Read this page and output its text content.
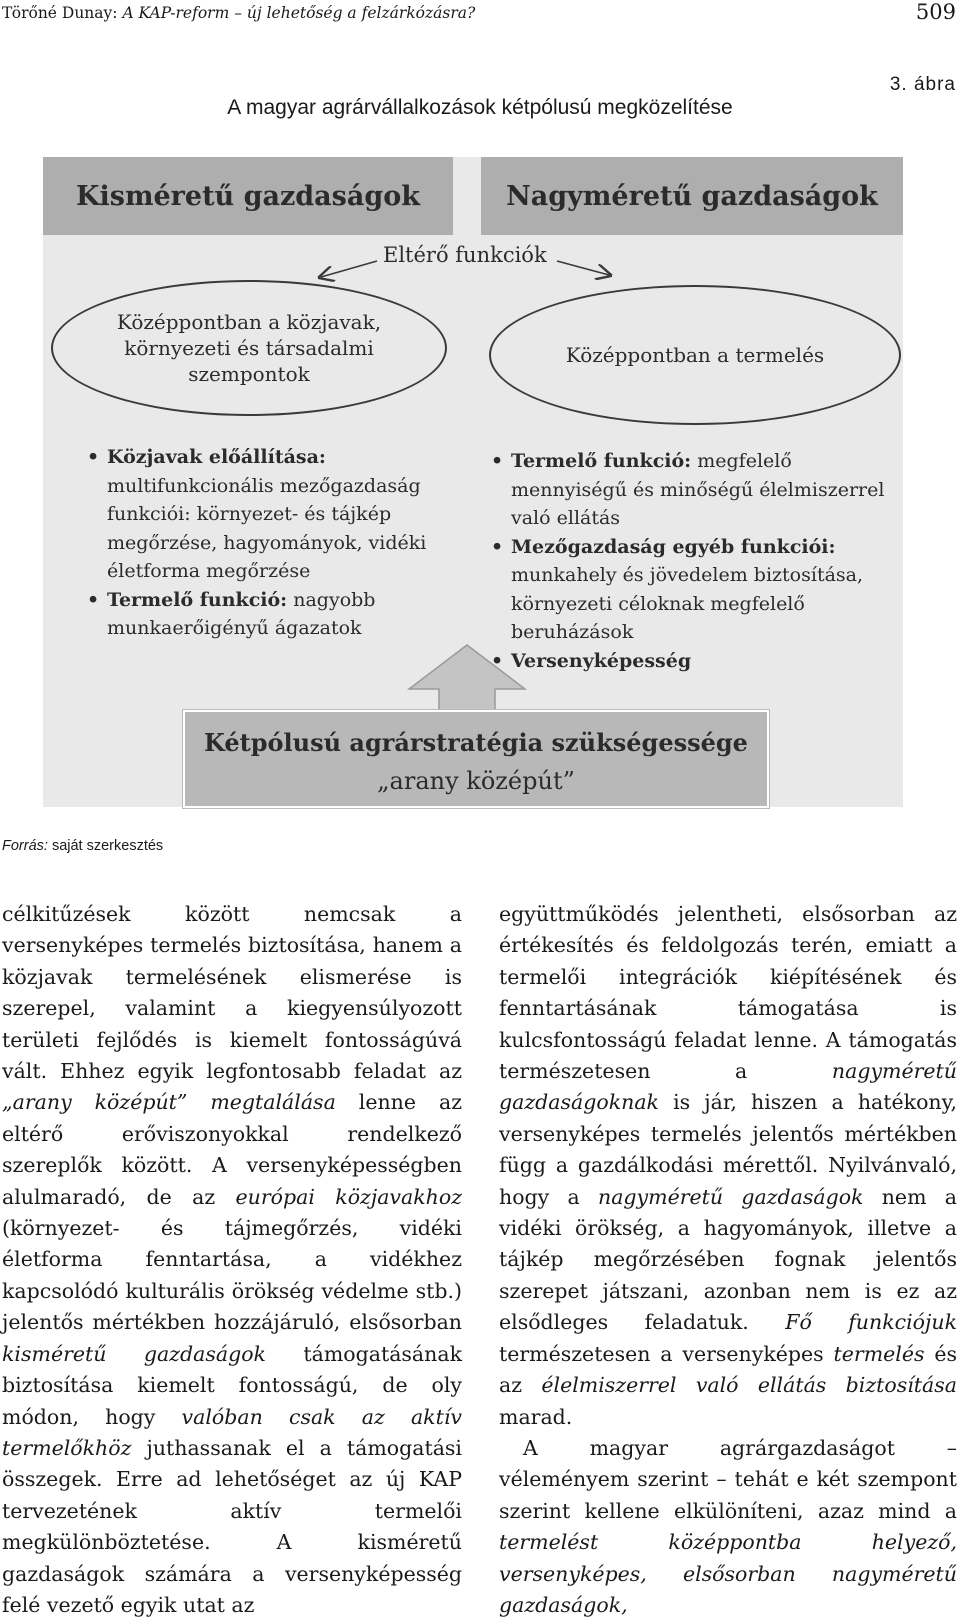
Törőné Dunay: A KAP-reform – új lehetőség a felzárkózásra?	509
3. ábra
A magyar agrárvállalkozások kétpólusú megközelítése
Kisméretű gazdaságok	Nagyméretű gazdaságok
Eltérő funkciók
Középpontban a közjavak,
környezeti és társadalmi
szempontok
Középpontban a termelés
• Közjavak előállítása:
multifunkcionális mezőgazdaság
funkciói: környezet- és tájkép
megőrzése, hagyományok, vidéki
életforma megőrzése
• Termelő funkció: nagyobb
munkaerőigényű ágazatok
• Termelő funkció: megfelelő
mennyiségű és minőségű élelmiszerrel
való ellátás
• Mezőgazdaság egyéb funkciói:
munkahely és jövedelem biztosítása,
környezeti céloknak megfelelő
beruházások
• Versenyképesség
Kétpólusú agrárstratégia szükségessége
„arany középút”
Forrás: saját szerkesztés

célkitűzések között nemcsak a versenyképes termelés biztosítása, hanem a közjavak termelésének elismerése is szerepel, valamint a kiegyensúlyozott területi fejlődés is kiemelt fontosságúvá vált. Ehhez egyik legfontosabb feladat az „arany középút” megtalálása lenne az eltérő erőviszonyokkal rendelkező szereplők között. A versenyképességben alulmaradó, de az európai közjavakhoz (környezet- és tájmegőrzés, vidéki életforma fenntartása, a vidékhez kapcsolódó kulturális örökség védelme stb.) jelentős mértékben hozzájáruló, elsősorban kisméretű gazdaságok támogatásának biztosítása kiemelt fontosságú, de oly módon, hogy valóban csak az aktív termelőkhöz juthassanak el a támogatási összegek. Erre ad lehetőséget az új KAP tervezetének aktív termelői megkülönböztetése. A kisméretű gazdaságok számára a versenyképesség felé vezető egyik utat az

együttműködés jelentheti, elsősorban az értékesítés és feldolgozás terén, emiatt a termelői integrációk kiépítésének és fenntartásának támogatása is kulcsfontosságú feladat lenne. A támogatás természetesen a nagyméretű gazdaságoknak is jár, hiszen a hatékony, versenyképes termelés jelentős mértékben függ a gazdálkodási mérettől. Nyilvánvaló, hogy a nagyméretű gazdaságok nem a vidéki örökség, a hagyományok, illetve a tájkép megőrzésében fognak jelentős szerepet játszani, azonban nem is ez az elsődleges feladatuk. Fő funkciójuk természetesen a versenyképes termelés és az élelmiszerrel való ellátás biztosítása marad.

A magyar agrárgazdaságot – véleményem szerint – tehát e két szempont szerint kellene elkülöníteni, azaz mind a termelést középpontba helyező, versenyképes, elsősorban nagyméretű gazdaságok,
